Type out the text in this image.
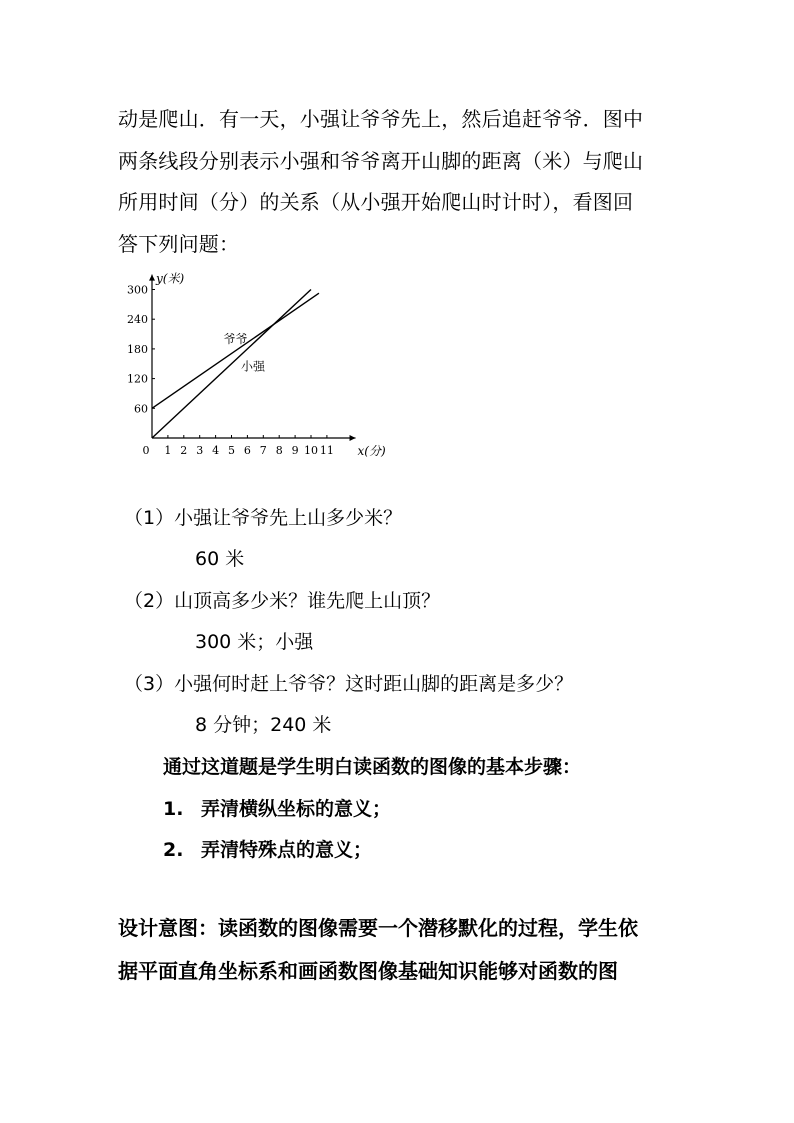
动是爬山．有一天，小强让爷爷先上，然后追赶爷爷．图中
两条线段分别表示小强和爷爷离开山脚的距离（米）与爬山
所用时间（分）的关系（从小强开始爬山时计时），看图回
答下列问题：
0 1 2 3 4 5 6 7 8 9 10 11
60
120
180
240
300
x(分)
y(米)
爷爷
小强
（1）小强让爷爷先上山多少米？
60 米
（2）山顶高多少米？谁先爬上山顶？
300 米；小强
（3）小强何时赶上爷爷？这时距山脚的距离是多少？
8 分钟；240 米
通过这道题是学生明白读函数的图像的基本步骤：
1. 弄清横纵坐标的意义；
2. 弄清特殊点的意义；
设计意图：读函数的图像需要一个潜移默化的过程，学生依
据平面直角坐标系和画函数图像基础知识能够对函数的图
